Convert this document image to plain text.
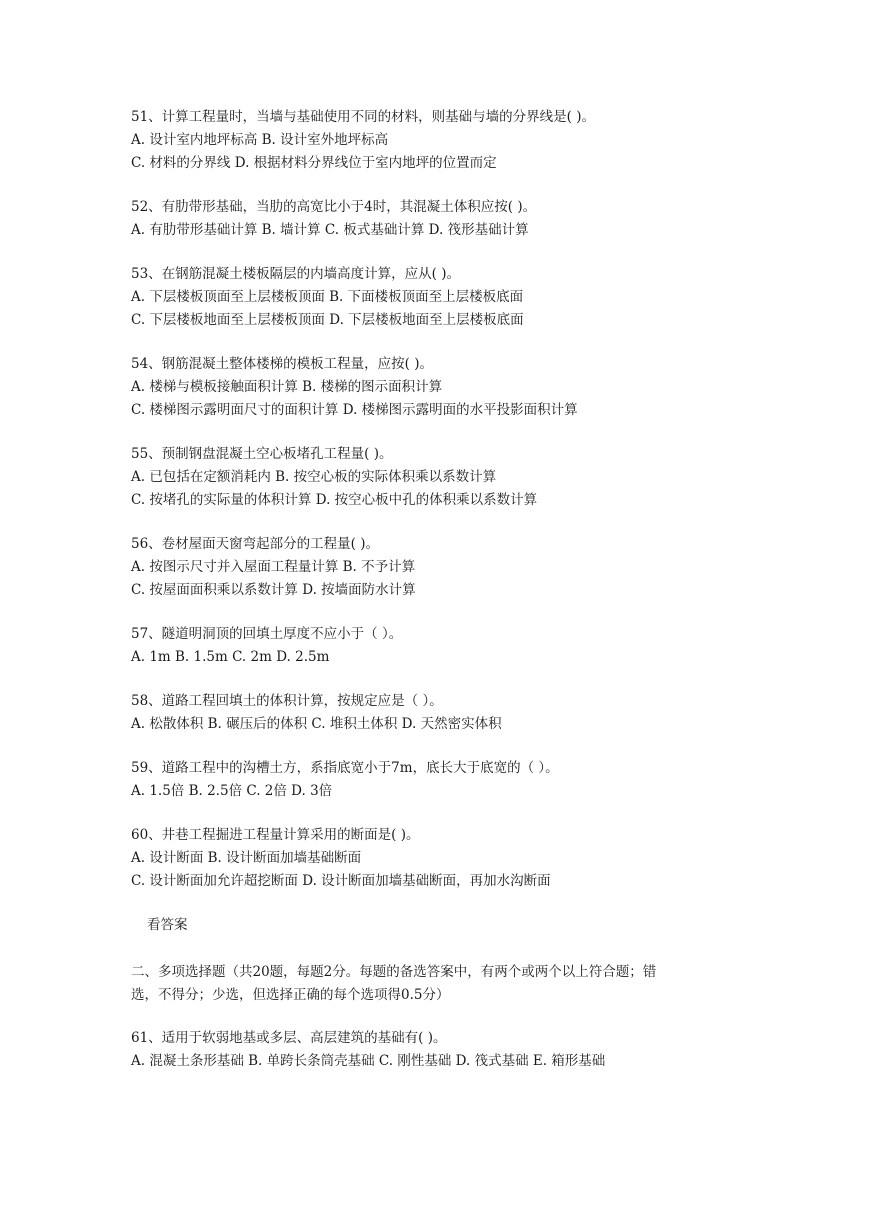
51、计算工程量时，当墙与基础使用不同的材料，则基础与墙的分界线是( )。
A. 设计室内地坪标高 B. 设计室外地坪标高
C. 材料的分界线 D. 根据材料分界线位于室内地坪的位置而定
52、有肋带形基础，当肋的高宽比小于4时，其混凝土体积应按( )。
A. 有肋带形基础计算 B. 墙计算 C. 板式基础计算 D. 筏形基础计算
53、在钢筋混凝土楼板隔层的内墙高度计算，应从( )。
A. 下层楼板顶面至上层楼板顶面 B. 下面楼板顶面至上层楼板底面
C. 下层楼板地面至上层楼板顶面 D. 下层楼板地面至上层楼板底面
54、钢筋混凝土整体楼梯的模板工程量，应按( )。
A. 楼梯与模板接触面积计算 B. 楼梯的图示面积计算
C. 楼梯图示露明面尺寸的面积计算 D. 楼梯图示露明面的水平投影面积计算
55、预制钢盘混凝土空心板堵孔工程量( )。
A. 已包括在定额消耗内 B. 按空心板的实际体积乘以系数计算
C. 按堵孔的实际量的体积计算 D. 按空心板中孔的体积乘以系数计算
56、卷材屋面天窗弯起部分的工程量( )。
A. 按图示尺寸并入屋面工程量计算 B. 不予计算
C. 按屋面面积乘以系数计算 D. 按墙面防水计算
57、隧道明洞顶的回填土厚度不应小于（ ）。
A. 1m B. 1.5m C. 2m D. 2.5m
58、道路工程回填土的体积计算，按规定应是（ ）。
A. 松散体积 B. 碾压后的体积 C. 堆积土体积 D. 天然密实体积
59、道路工程中的沟槽土方，系指底宽小于7m，底长大于底宽的（ ）。
A. 1.5倍 B. 2.5倍 C. 2倍 D. 3倍
60、井巷工程掘进工程量计算采用的断面是( )。
A. 设计断面 B. 设计断面加墙基础断面
C. 设计断面加允许超挖断面 D. 设计断面加墙基础断面，再加水沟断面
看答案
二、多项选择题（共20题，每题2分。每题的备选答案中，有两个或两个以上符合题；错
选，不得分；少选，但选择正确的每个选项得0.5分）
61、适用于软弱地基或多层、高层建筑的基础有( )。
A. 混凝土条形基础 B. 单跨长条筒壳基础 C. 刚性基础 D. 筏式基础 E. 箱形基础
